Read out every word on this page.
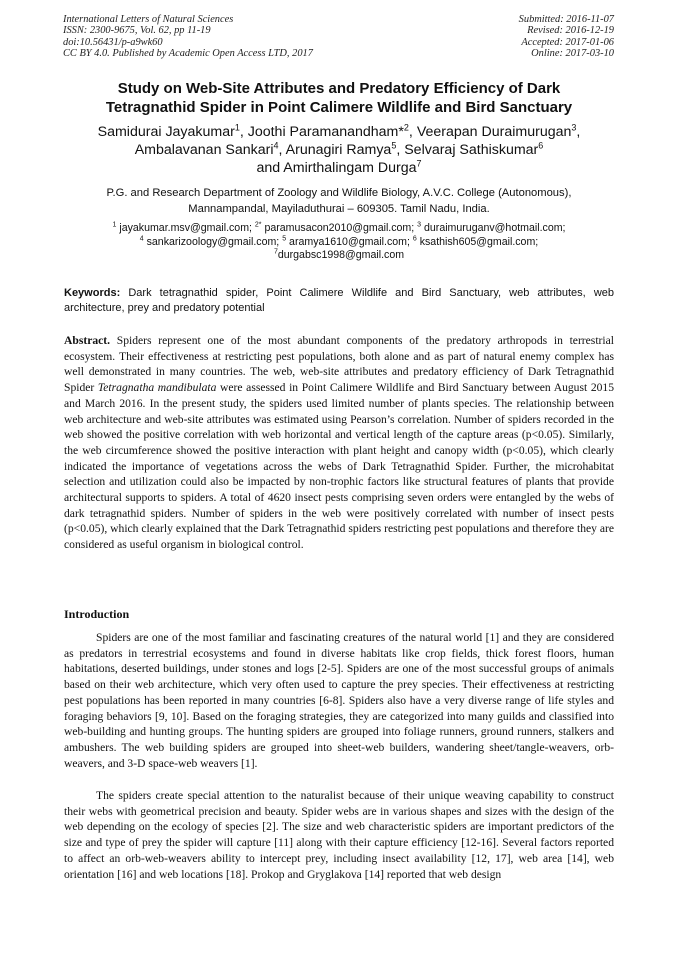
International Letters of Natural Sciences
ISSN: 2300-9675, Vol. 62, pp 11-19
doi:10.56431/p-a9wk60
CC BY 4.0. Published by Academic Open Access LTD, 2017
Submitted: 2016-11-07
Revised: 2016-12-19
Accepted: 2017-01-06
Online: 2017-03-10
Study on Web-Site Attributes and Predatory Efficiency of Dark
Tetragnathid Spider in Point Calimere Wildlife and Bird Sanctuary
Samidurai Jayakumar$^1$, Joothi Paramanandham*$^2$, Veerapan Duraimurugan$^3$,
Ambalavanan Sankari$^4$, Arunagiri Ramya$^5$, Selvaraj Sathiskumar$^6$
and Amirthalingam Durga$^7$
P.G. and Research Department of Zoology and Wildlife Biology, A.V.C. College (Autonomous),
Mannampandal, Mayiladuthurai – 609305. Tamil Nadu, India.
$^1$ jayakumar.msv@gmail.com; $^{2*}$ paramusacon2010@gmail.com; $^3$ duraimuruganv@hotmail.com;
$^4$ sankarizoology@gmail.com; $^5$ aramya1610@gmail.com; $^6$ ksathish605@gmail.com;
$^7$durgabsc1998@gmail.com
Keywords: Dark tetragnathid spider, Point Calimere Wildlife and Bird Sanctuary, web attributes, web architecture, prey and predatory potential
Abstract. Spiders represent one of the most abundant components of the predatory arthropods in terrestrial ecosystem. Their effectiveness at restricting pest populations, both alone and as part of natural enemy complex has well demonstrated in many countries. The web, web-site attributes and predatory efficiency of Dark Tetragnathid Spider Tetragnatha mandibulata were assessed in Point Calimere Wildlife and Bird Sanctuary between August 2015 and March 2016. In the present study, the spiders used limited number of plants species. The relationship between web architecture and web-site attributes was estimated using Pearson’s correlation. Number of spiders recorded in the web showed the positive correlation with web horizontal and vertical length of the capture areas (p<0.05). Similarly, the web circumference showed the positive interaction with plant height and canopy width (p<0.05), which clearly indicated the importance of vegetations across the webs of Dark Tetragnathid Spider. Further, the microhabitat selection and utilization could also be impacted by non-trophic factors like structural features of plants that provide architectural supports to spiders. A total of 4620 insect pests comprising seven orders were entangled by the webs of dark tetragnathid spiders. Number of spiders in the web were positively correlated with number of insect pests (p<0.05), which clearly explained that the Dark Tetragnathid spiders restricting pest populations and therefore they are considered as useful organism in biological control.
Introduction

Spiders are one of the most familiar and fascinating creatures of the natural world [1] and they are considered as predators in terrestrial ecosystems and found in diverse habitats like crop fields, thick forest floors, human habitations, deserted buildings, under stones and logs [2-5]. Spiders are one of the most successful groups of animals based on their web architecture, which very often used to capture the prey species. Their effectiveness at restricting pest populations has been reported in many countries [6-8]. Spiders also have a very diverse range of life styles and foraging behaviors [9, 10]. Based on the foraging strategies, they are categorized into many guilds and classified into web-building and hunting groups. The hunting spiders are grouped into foliage runners, ground runners, stalkers and ambushers. The web building spiders are grouped into sheet-web builders, wandering sheet/tangle-weavers, orb-weavers, and 3-D space-web weavers [1].

The spiders create special attention to the naturalist because of their unique weaving capability to construct their webs with geometrical precision and beauty. Spider webs are in various shapes and sizes with the design of the web depending on the ecology of species [2]. The size and web characteristic spiders are important predictors of the size and type of prey the spider will capture [11] along with their capture efficiency [12-16]. Several factors reported to affect an orb-web-weavers ability to intercept prey, including insect availability [12, 17], web area [14], web orientation [16] and web locations [18]. Prokop and Gryglakova [14] reported that web design
